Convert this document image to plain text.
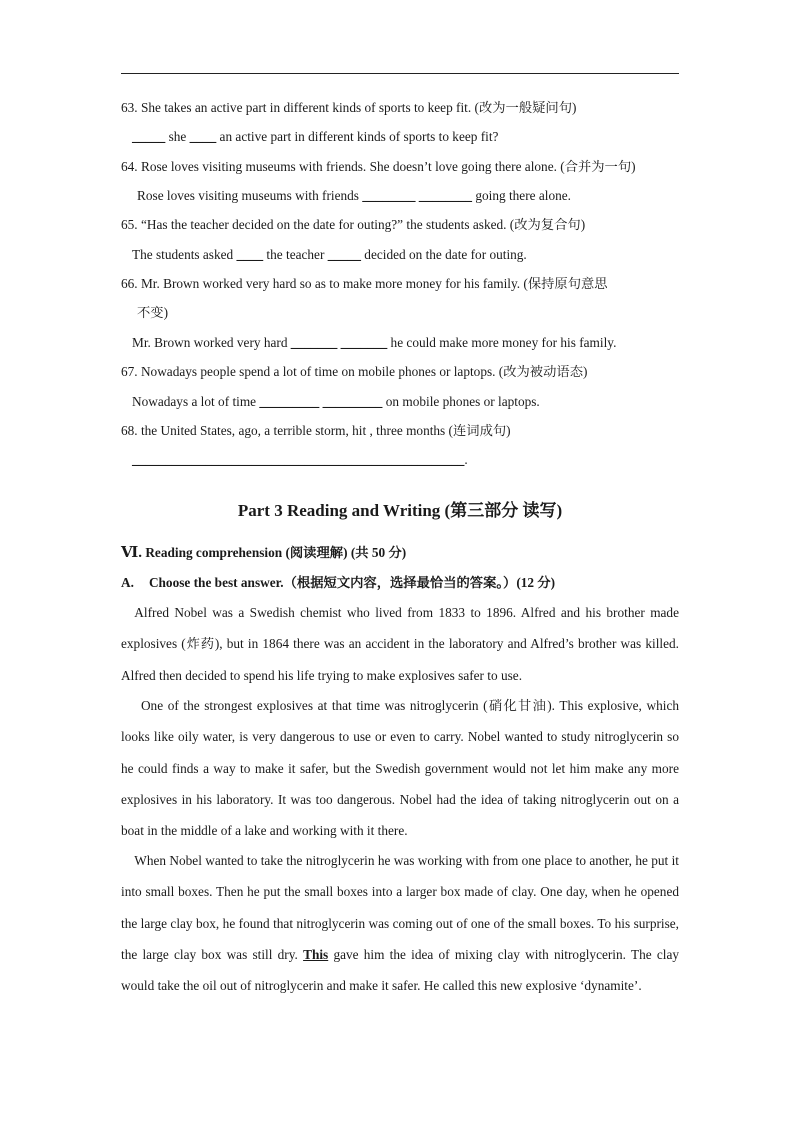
63. She takes an active part in different kinds of sports to keep fit. (改为一般疑问句)
_____ she ____ an active part in different kinds of sports to keep fit?
64. Rose loves visiting museums with friends. She doesn’t love going there alone. (合并为一句)
Rose loves visiting museums with friends ________ ________ going there alone.
65. “Has the teacher decided on the date for outing?” the students asked. (改为复合句)
The students asked ____ the teacher _____ decided on the date for outing.
66. Mr. Brown worked very hard so as to make more money for his family. (保持原句意思
不变)
Mr. Brown worked very hard _______ _______ he could make more money for his family.
67. Nowadays people spend a lot of time on mobile phones or laptops. (改为被动语态)
Nowadays a lot of time _________ _________ on mobile phones or laptops.
68. the United States, ago, a terrible storm, hit , three months (连词成句)
__________________________________________________.
Part 3 Reading and Writing (第三部分 读写)
Ⅵ. Reading comprehension (阅读理解) (共 50 分)
A. Choose the best answer.（根据短文内容，选择最恰当的答案。）(12 分)
Alfred Nobel was a Swedish chemist who lived from 1833 to 1896. Alfred and his brother made explosives (炸药), but in 1864 there was an accident in the laboratory and Alfred’s brother was killed. Alfred then decided to spend his life trying to make explosives safer to use.
One of the strongest explosives at that time was nitroglycerin (硝化甘油). This explosive, which looks like oily water, is very dangerous to use or even to carry. Nobel wanted to study nitroglycerin so he could finds a way to make it safer, but the Swedish government would not let him make any more explosives in his laboratory. It was too dangerous. Nobel had the idea of taking nitroglycerin out on a boat in the middle of a lake and working with it there.
When Nobel wanted to take the nitroglycerin he was working with from one place to another, he put it into small boxes. Then he put the small boxes into a larger box made of clay. One day, when he opened the large clay box, he found that nitroglycerin was coming out of one of the small boxes. To his surprise, the large clay box was still dry. This gave him the idea of mixing clay with nitroglycerin. The clay would take the oil out of nitroglycerin and make it safer. He called this new explosive ‘dynamite’.
